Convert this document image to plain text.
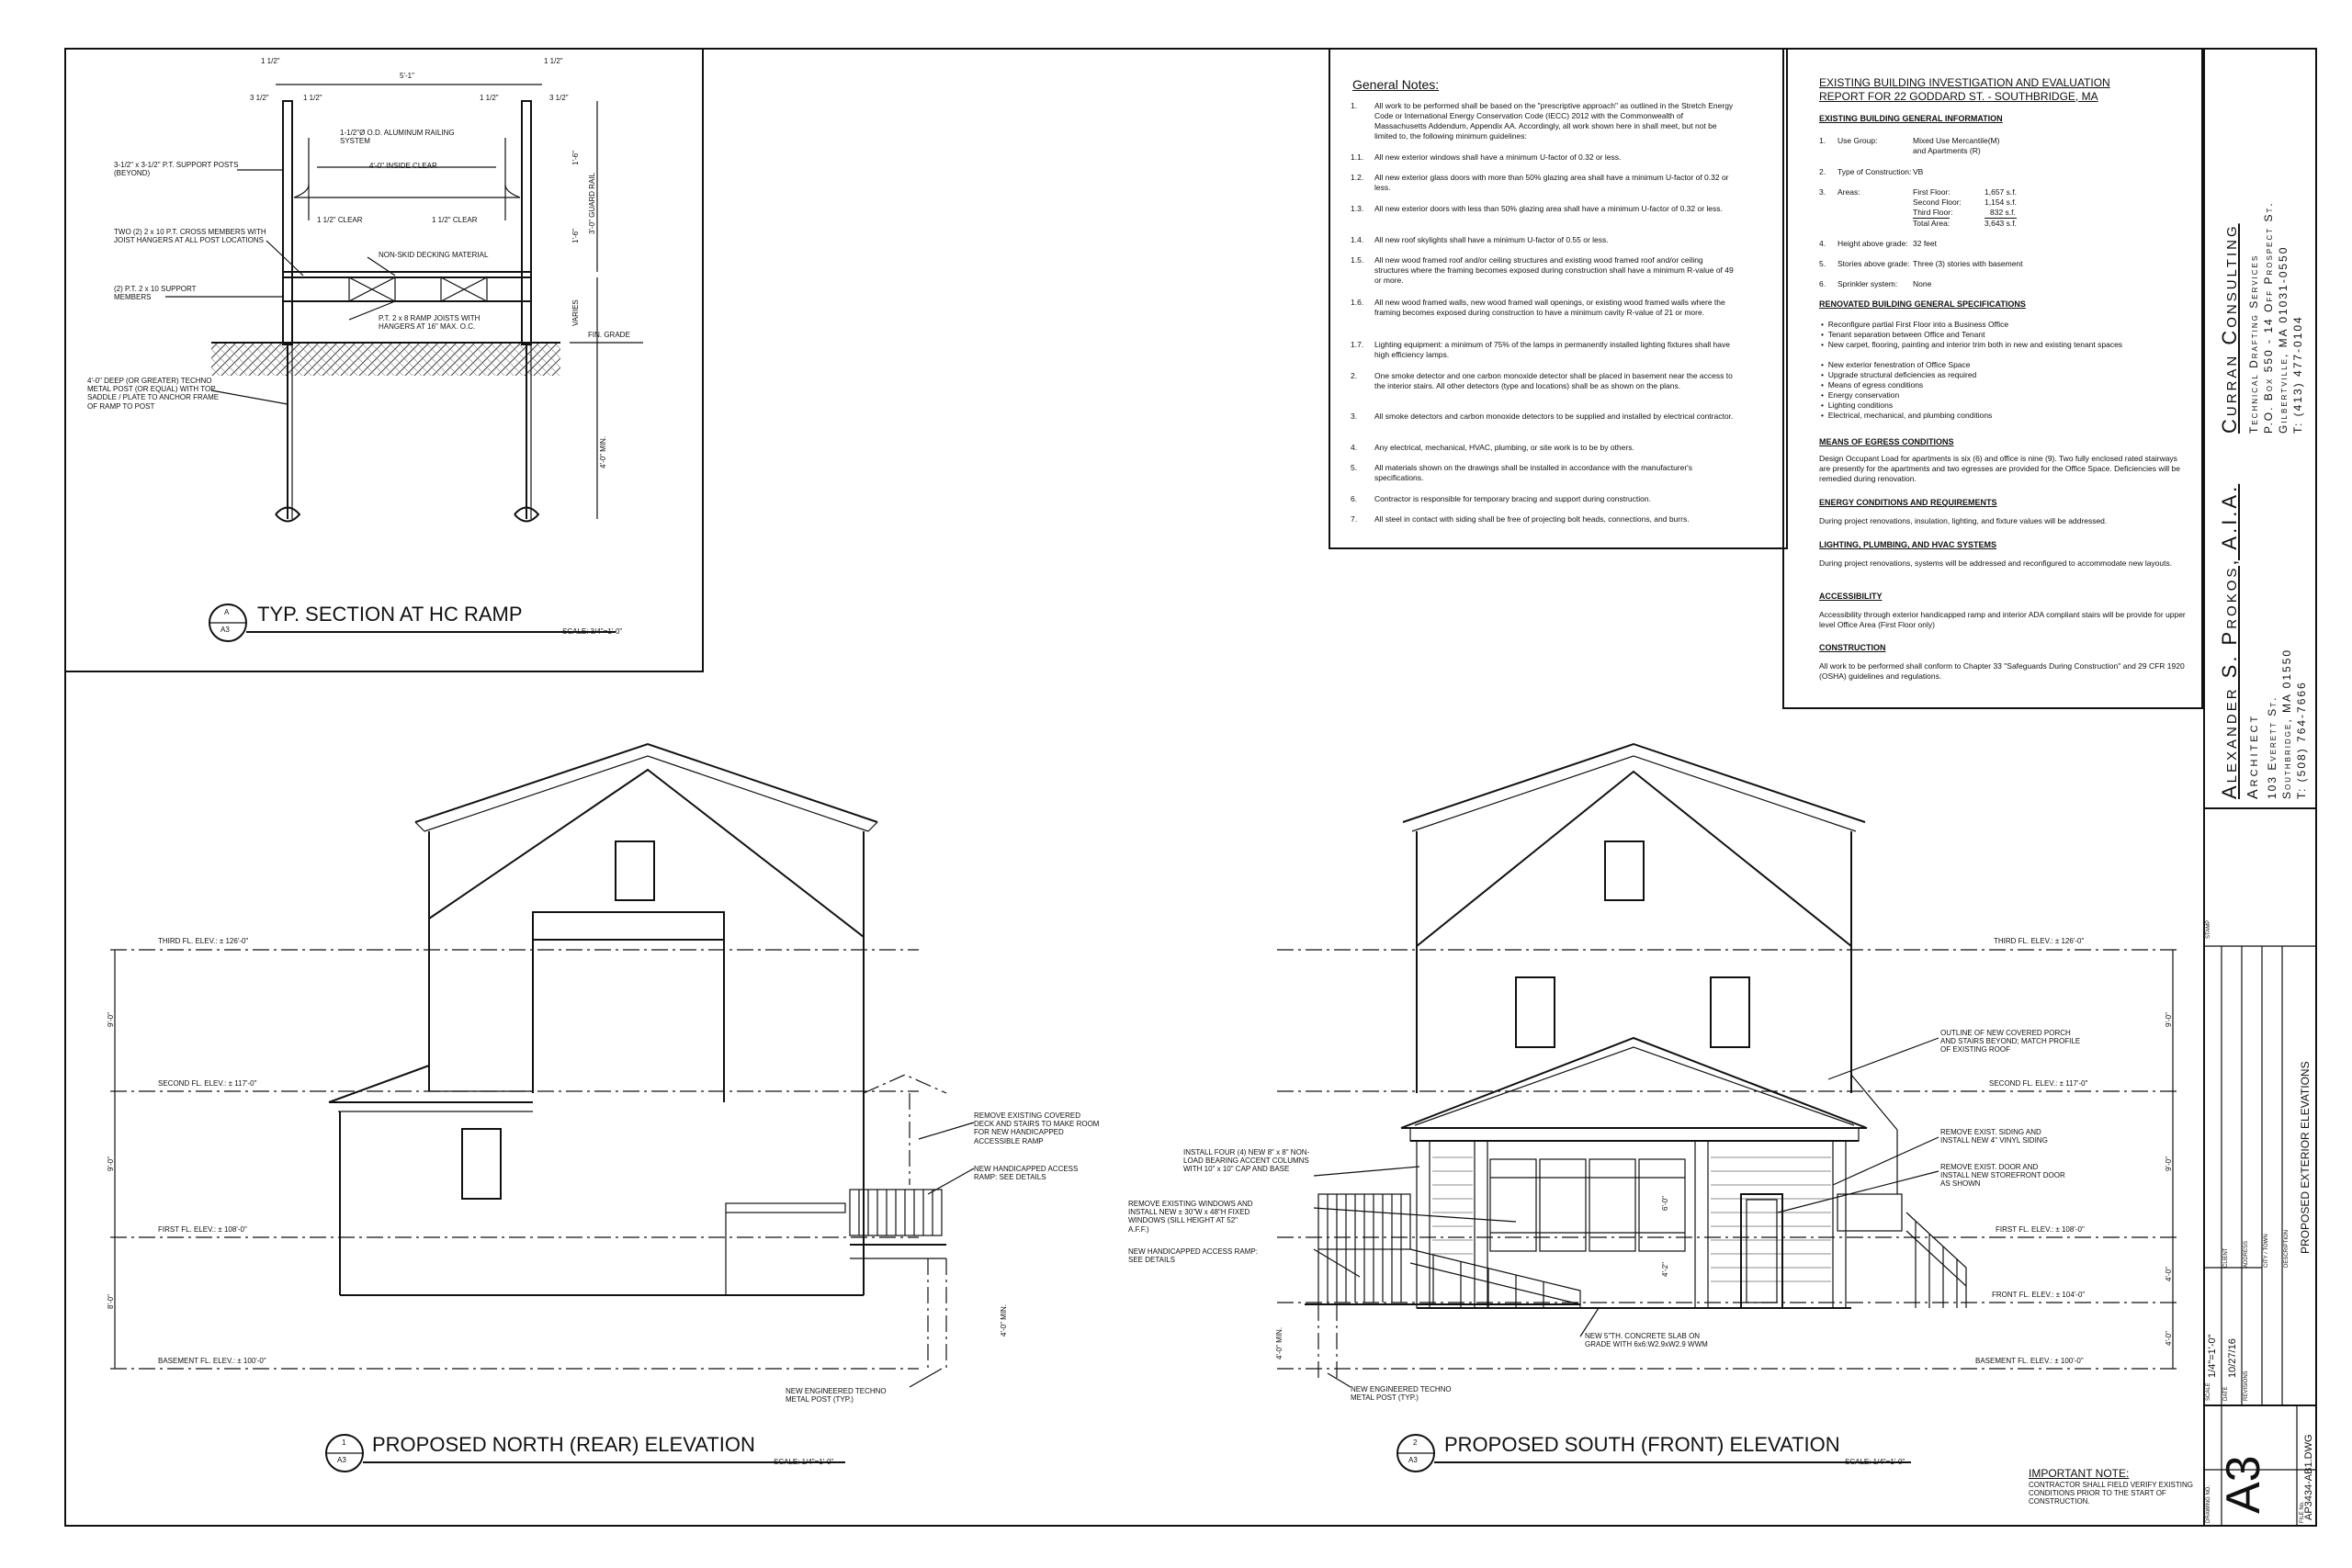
1 1/2"	1 1/2"
3 1/2"	1 1/2"
5'-1"
1 1/2"	3 1/2"
1-1/2"Ø O.D. ALUMINUM RAILING SYSTEM
4'-0" INSIDE CLEAR
3-1/2" x 3-1/2" P.T. SUPPORT POSTS (BEYOND)
1 1/2" CLEAR	1 1/2" CLEAR
TWO (2) 2 x 10 P.T. CROSS MEMBERS WITH JOIST HANGERS AT ALL POST LOCATIONS
NON-SKID DECKING MATERIAL
(2) P.T. 2 x 10 SUPPORT MEMBERS
P.T. 2 x 8 RAMP JOISTS WITH HANGERS AT 16" MAX. O.C.
4'-0" DEEP (OR GREATER) TECHNO METAL POST (OR EQUAL) WITH TOP SADDLE / PLATE TO ANCHOR FRAME OF RAMP TO POST
FIN. GRADE
1'-6"
3'-0" GUARD RAIL
1'-6"
VARIES
4'-0" MIN.
A
A3
TYP. SECTION AT HC RAMP
SCALE: 3/4"=1'-0"
General Notes:
1.	All work to be performed shall be based on the "prescriptive approach" as outlined in the Stretch Energy Code or International Energy Conservation Code (IECC) 2012 with the Commonwealth of Massachusetts Addendum, Appendix AA. Accordingly, all work shown here in shall meet, but not be limited to, the following minimum guidelines:
1.1.	All new exterior windows shall have a minimum U-factor of 0.32 or less.
1.2.	All new exterior glass doors with more than 50% glazing area shall have a minimum U-factor of 0.32 or less.
1.3.	All new exterior doors with less than 50% glazing area shall have a minimum U-factor of 0.32 or less.
1.4.	All new roof skylights shall have a minimum U-factor of 0.55 or less.
1.5.	All new wood framed roof and/or ceiling structures and existing wood framed roof and/or ceiling structures where the framing becomes exposed during construction shall have a minimum R-value of 49 or more.
1.6.	All new wood framed walls, new wood framed wall openings, or existing wood framed walls where the framing becomes exposed during construction to have a minimum cavity R-value of 21 or more.
1.7.	Lighting equipment: a minimum of 75% of the lamps in permanently installed lighting fixtures shall have high efficiency lamps.
2.	One smoke detector and one carbon monoxide detector shall be placed in basement near the access to the interior stairs. All other detectors (type and locations) shall be as shown on the plans.
3.	All smoke detectors and carbon monoxide detectors to be supplied and installed by electrical contractor.
4.	Any electrical, mechanical, HVAC, plumbing, or site work is to be by others.
5.	All materials shown on the drawings shall be installed in accordance with the manufacturer's specifications.
6.	Contractor is responsible for temporary bracing and support during construction.
7.	All steel in contact with siding shall be free of projecting bolt heads, connections, and burrs.
EXISTING BUILDING INVESTIGATION AND EVALUATION
REPORT FOR 22 GODDARD ST. - SOUTHBRIDGE, MA
EXISTING BUILDING GENERAL INFORMATION
1. Use Group:	Mixed Use Mercantile(M)
and Apartments (R)
2. Type of Construction: VB
3. Areas:	First Floor:	1,657 s.f.
Second Floor:	1,154 s.f.
Third Floor:	832 s.f.
Total Area:	3,643 s.f.
4. Height above grade: 32 feet
5. Stories above grade: Three (3) stories with basement
6. Sprinkler system: None
RENOVATED BUILDING GENERAL SPECIFICATIONS
•  Reconfigure partial First Floor into a Business Office
•  Tenant separation between Office and Tenant
•  New carpet, flooring, painting and interior trim both in new and existing tenant spaces
•  New exterior fenestration of Office Space
•  Upgrade structural deficiencies as required
•  Means of egress conditions
•  Energy conservation
•  Lighting conditions
•  Electrical, mechanical, and plumbing conditions
MEANS OF EGRESS CONDITIONS
Design Occupant Load for apartments is six (6) and office is nine (9). Two fully enclosed rated stairways are presently for the apartments and two egresses are provided for the Office Space. Deficiencies will be remedied during renovation.
ENERGY CONDITIONS AND REQUIREMENTS
During project renovations, insulation, lighting, and fixture values will be addressed.
LIGHTING, PLUMBING, AND HVAC SYSTEMS
During project renovations, systems will be addressed and reconfigured to accommodate new layouts.
ACCESSIBILITY
Accessibility through exterior handicapped ramp and interior ADA compliant stairs will be provide for upper level Office Area (First Floor only)
CONSTRUCTION
All work to be performed shall conform to Chapter 33 "Safeguards During Construction" and 29 CFR 1920 (OSHA) guidelines and regulations.
Curran Consulting Technical Drafting Services P.O. Box 550 - 14 Off Prospect St. Gilbertville, MA 01031-0550 T: (413) 477-0104
Alexander S. Prokos, A.I.A. Architect 103 Everett St. Southbridge, MA 01550 T: (508) 764-7666
STAMP
CLIENT	ADDRESS	CITY / TOWN	DESCRIPTION PROPOSED EXTERIOR ELEVATIONS
SCALE
1/4"=1'-0"
DATE
10/27/16
REVISIONS
DRAWING NO. A3	FILE No.
AP3434-AB1.DWG
THIRD FL. ELEV.: ± 126'-0"
SECOND FL. ELEV.: ± 117'-0"
FIRST FL. ELEV.: ± 108'-0"
BASEMENT FL. ELEV.: ± 100'-0"
9'-0"
9'-0"
8'-0"
4'-0" MIN.
REMOVE EXISTING COVERED DECK AND STAIRS TO MAKE ROOM FOR NEW HANDICAPPED ACCESSIBLE RAMP
NEW HANDICAPPED ACCESS RAMP: SEE DETAILS
NEW ENGINEERED TECHNO METAL POST (TYP.)
1
A3
PROPOSED NORTH (REAR) ELEVATION
SCALE: 1/4"=1'-0"
THIRD FL. ELEV.: ± 126'-0"
SECOND FL. ELEV.: ± 117'-0"
FIRST FL. ELEV.: ± 108'-0"
FRONT FL. ELEV.: ± 104'-0"
BASEMENT FL. ELEV.: ± 100'-0"
9'-0"
9'-0"
4'-0"
4'-0"
6'-0"
4'-2"
4'-0" MIN.
INSTALL FOUR (4) NEW 8" x 8" NON-LOAD BEARING ACCENT COLUMNS WITH 10" x 10" CAP AND BASE
REMOVE EXISTING WINDOWS AND INSTALL NEW ± 30"W x 48"H FIXED WINDOWS (SILL HEIGHT AT 52" A.F.F.)
NEW HANDICAPPED ACCESS RAMP: SEE DETAILS
OUTLINE OF NEW COVERED PORCH AND STAIRS BEYOND; MATCH PROFILE OF EXISTING ROOF
REMOVE EXIST. SIDING AND INSTALL NEW 4" VINYL SIDING
REMOVE EXIST. DOOR AND INSTALL NEW STOREFRONT DOOR AS SHOWN
NEW 5"TH. CONCRETE SLAB ON GRADE WITH 6x6:W2.9xW2.9 WWM
NEW ENGINEERED TECHNO METAL POST (TYP.)
2
A3
PROPOSED SOUTH (FRONT) ELEVATION
SCALE: 1/4"=1'-0"
IMPORTANT NOTE:
CONTRACTOR SHALL FIELD VERIFY EXISTING CONDITIONS PRIOR TO THE START OF CONSTRUCTION.
